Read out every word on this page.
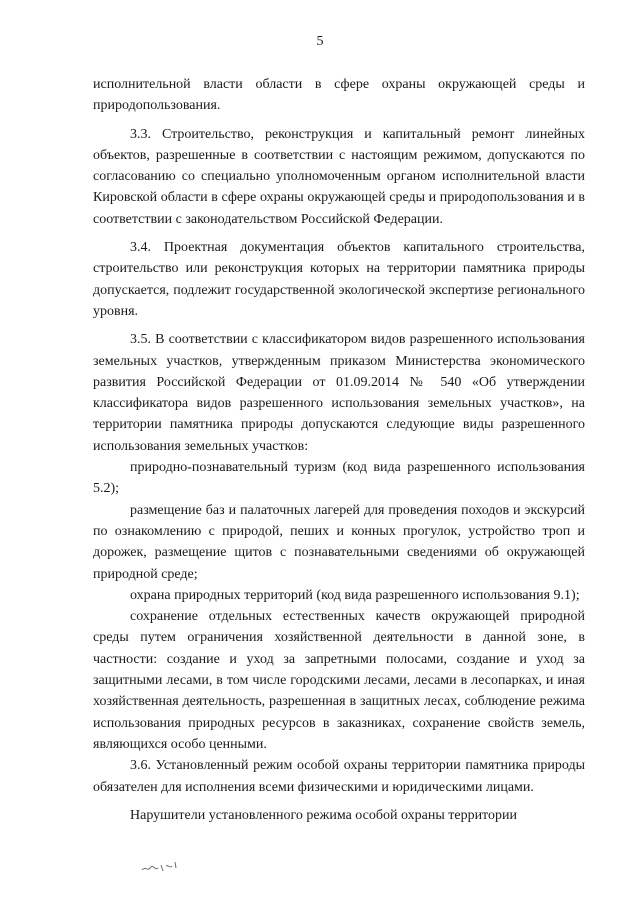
5

исполнительной власти области в сфере охраны окружающей среды и природопользования.

3.3. Строительство, реконструкция и капитальный ремонт линейных объектов, разрешенные в соответствии с настоящим режимом, допускаются по согласованию со специально уполномоченным органом исполнительной власти Кировской области в сфере охраны окружающей среды и природопользования и в соответствии с законодательством Российской Федерации.

3.4. Проектная документация объектов капитального строительства, строительство или реконструкция которых на территории памятника природы допускается, подлежит государственной экологической экспертизе регионального уровня.

3.5. В соответствии с классификатором видов разрешенного использования земельных участков, утвержденным приказом Министерства экономического развития Российской Федерации от 01.09.2014 № 540 «Об утверждении классификатора видов разрешенного использования земельных участков», на территории памятника природы допускаются следующие виды разрешенного использования земельных участков:

природно-познавательный туризм (код вида разрешенного использования 5.2);

размещение баз и палаточных лагерей для проведения походов и экскурсий по ознакомлению с природой, пеших и конных прогулок, устройство троп и дорожек, размещение щитов с познавательными сведениями об окружающей природной среде;

охрана природных территорий (код вида разрешенного использования 9.1);

сохранение отдельных естественных качеств окружающей природной среды путем ограничения хозяйственной деятельности в данной зоне, в частности: создание и уход за запретными полосами, создание и уход за защитными лесами, в том числе городскими лесами, лесами в лесопарках, и иная хозяйственная деятельность, разрешенная в защитных лесах, соблюдение режима использования природных ресурсов в заказниках, сохранение свойств земель, являющихся особо ценными.

3.6. Установленный режим особой охраны территории памятника природы обязателен для исполнения всеми физическими и юридическими лицами.

Нарушители установленного режима особой охраны территории
